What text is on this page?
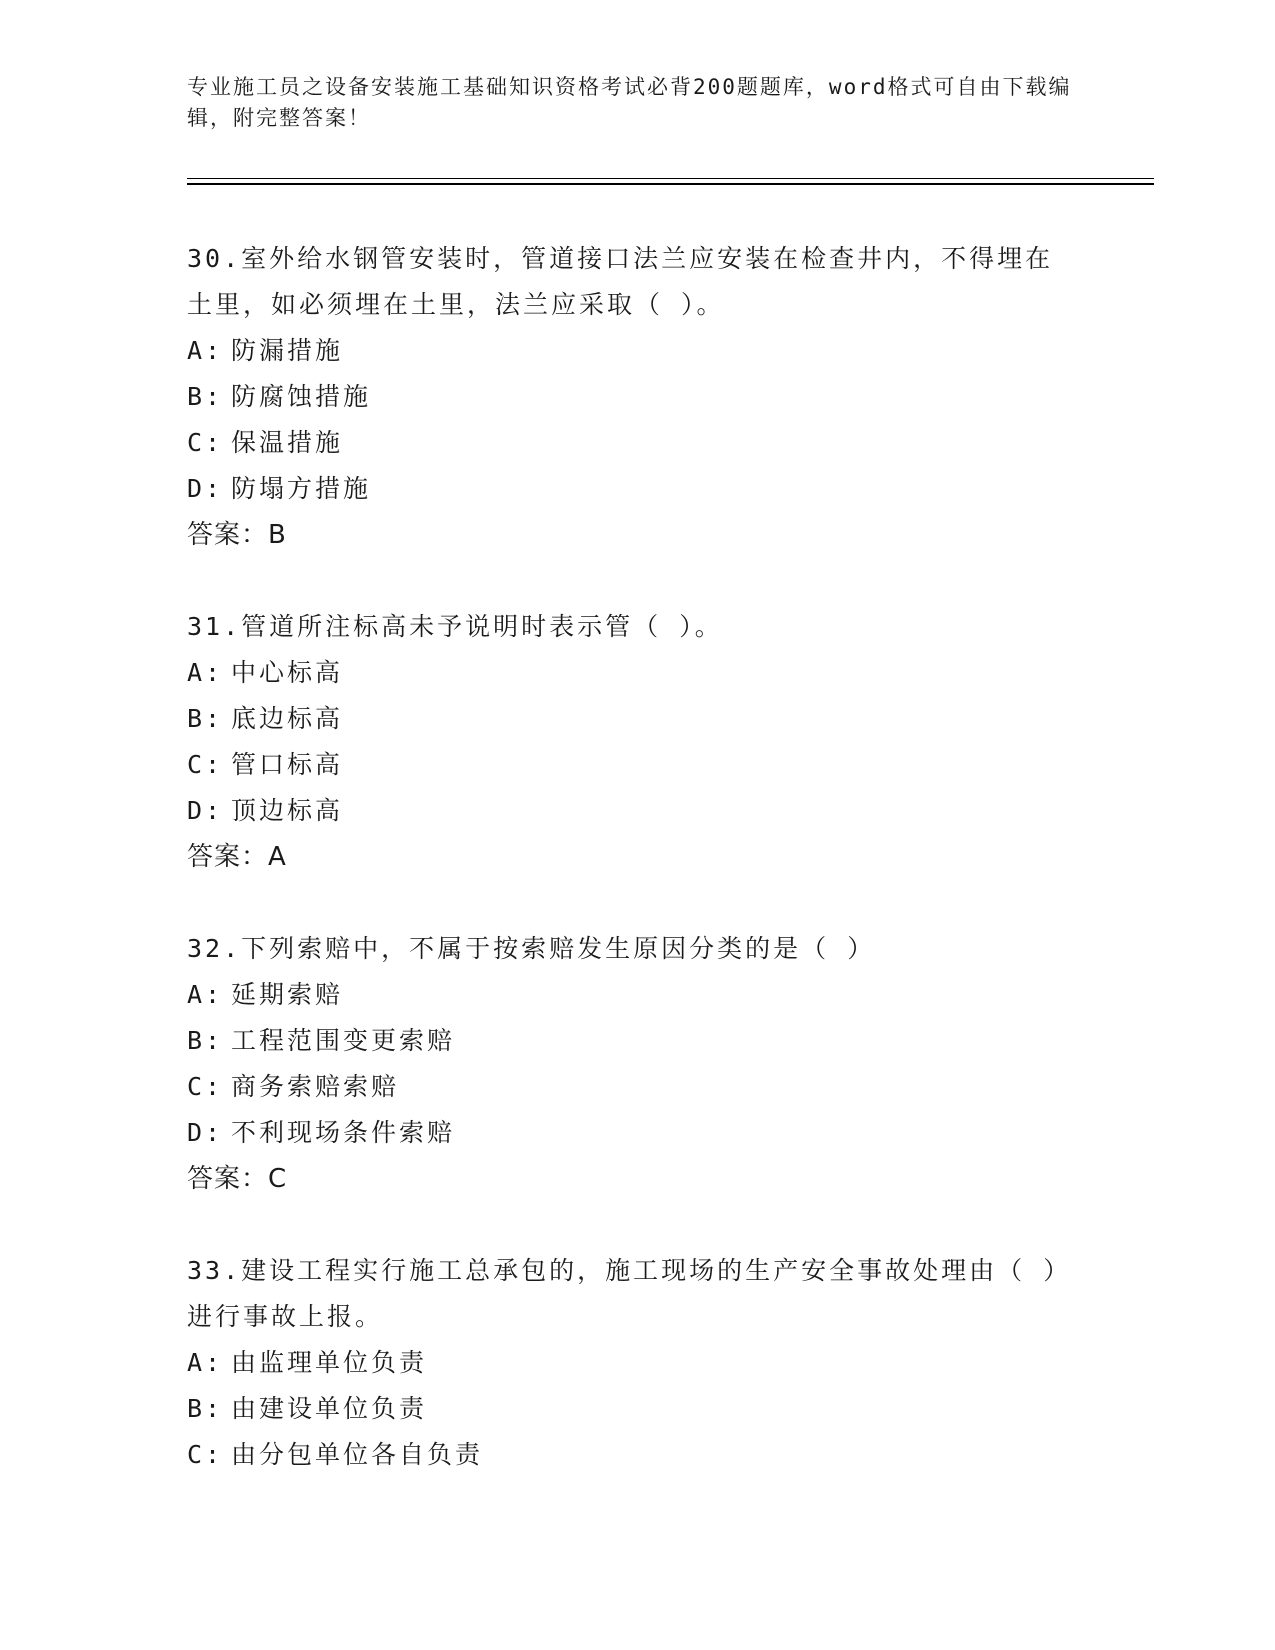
专业施工员之设备安装施工基础知识资格考试必背200题题库，word格式可自由下载编辑，附完整答案！
30.室外给水钢管安装时，管道接口法兰应安装在检查井内，不得埋在土里，如必须埋在土里，法兰应采取（ ）。
A: 防漏措施
B: 防腐蚀措施
C: 保温措施
D: 防塌方措施
答案：B
31.管道所注标高未予说明时表示管（ ）。
A: 中心标高
B: 底边标高
C: 管口标高
D: 顶边标高
答案：A
32.下列索赔中，不属于按索赔发生原因分类的是（ ）
A: 延期索赔
B: 工程范围变更索赔
C: 商务索赔索赔
D: 不利现场条件索赔
答案：C
33.建设工程实行施工总承包的，施工现场的生产安全事故处理由（ ）进行事故上报。
A: 由监理单位负责
B: 由建设单位负责
C: 由分包单位各自负责
